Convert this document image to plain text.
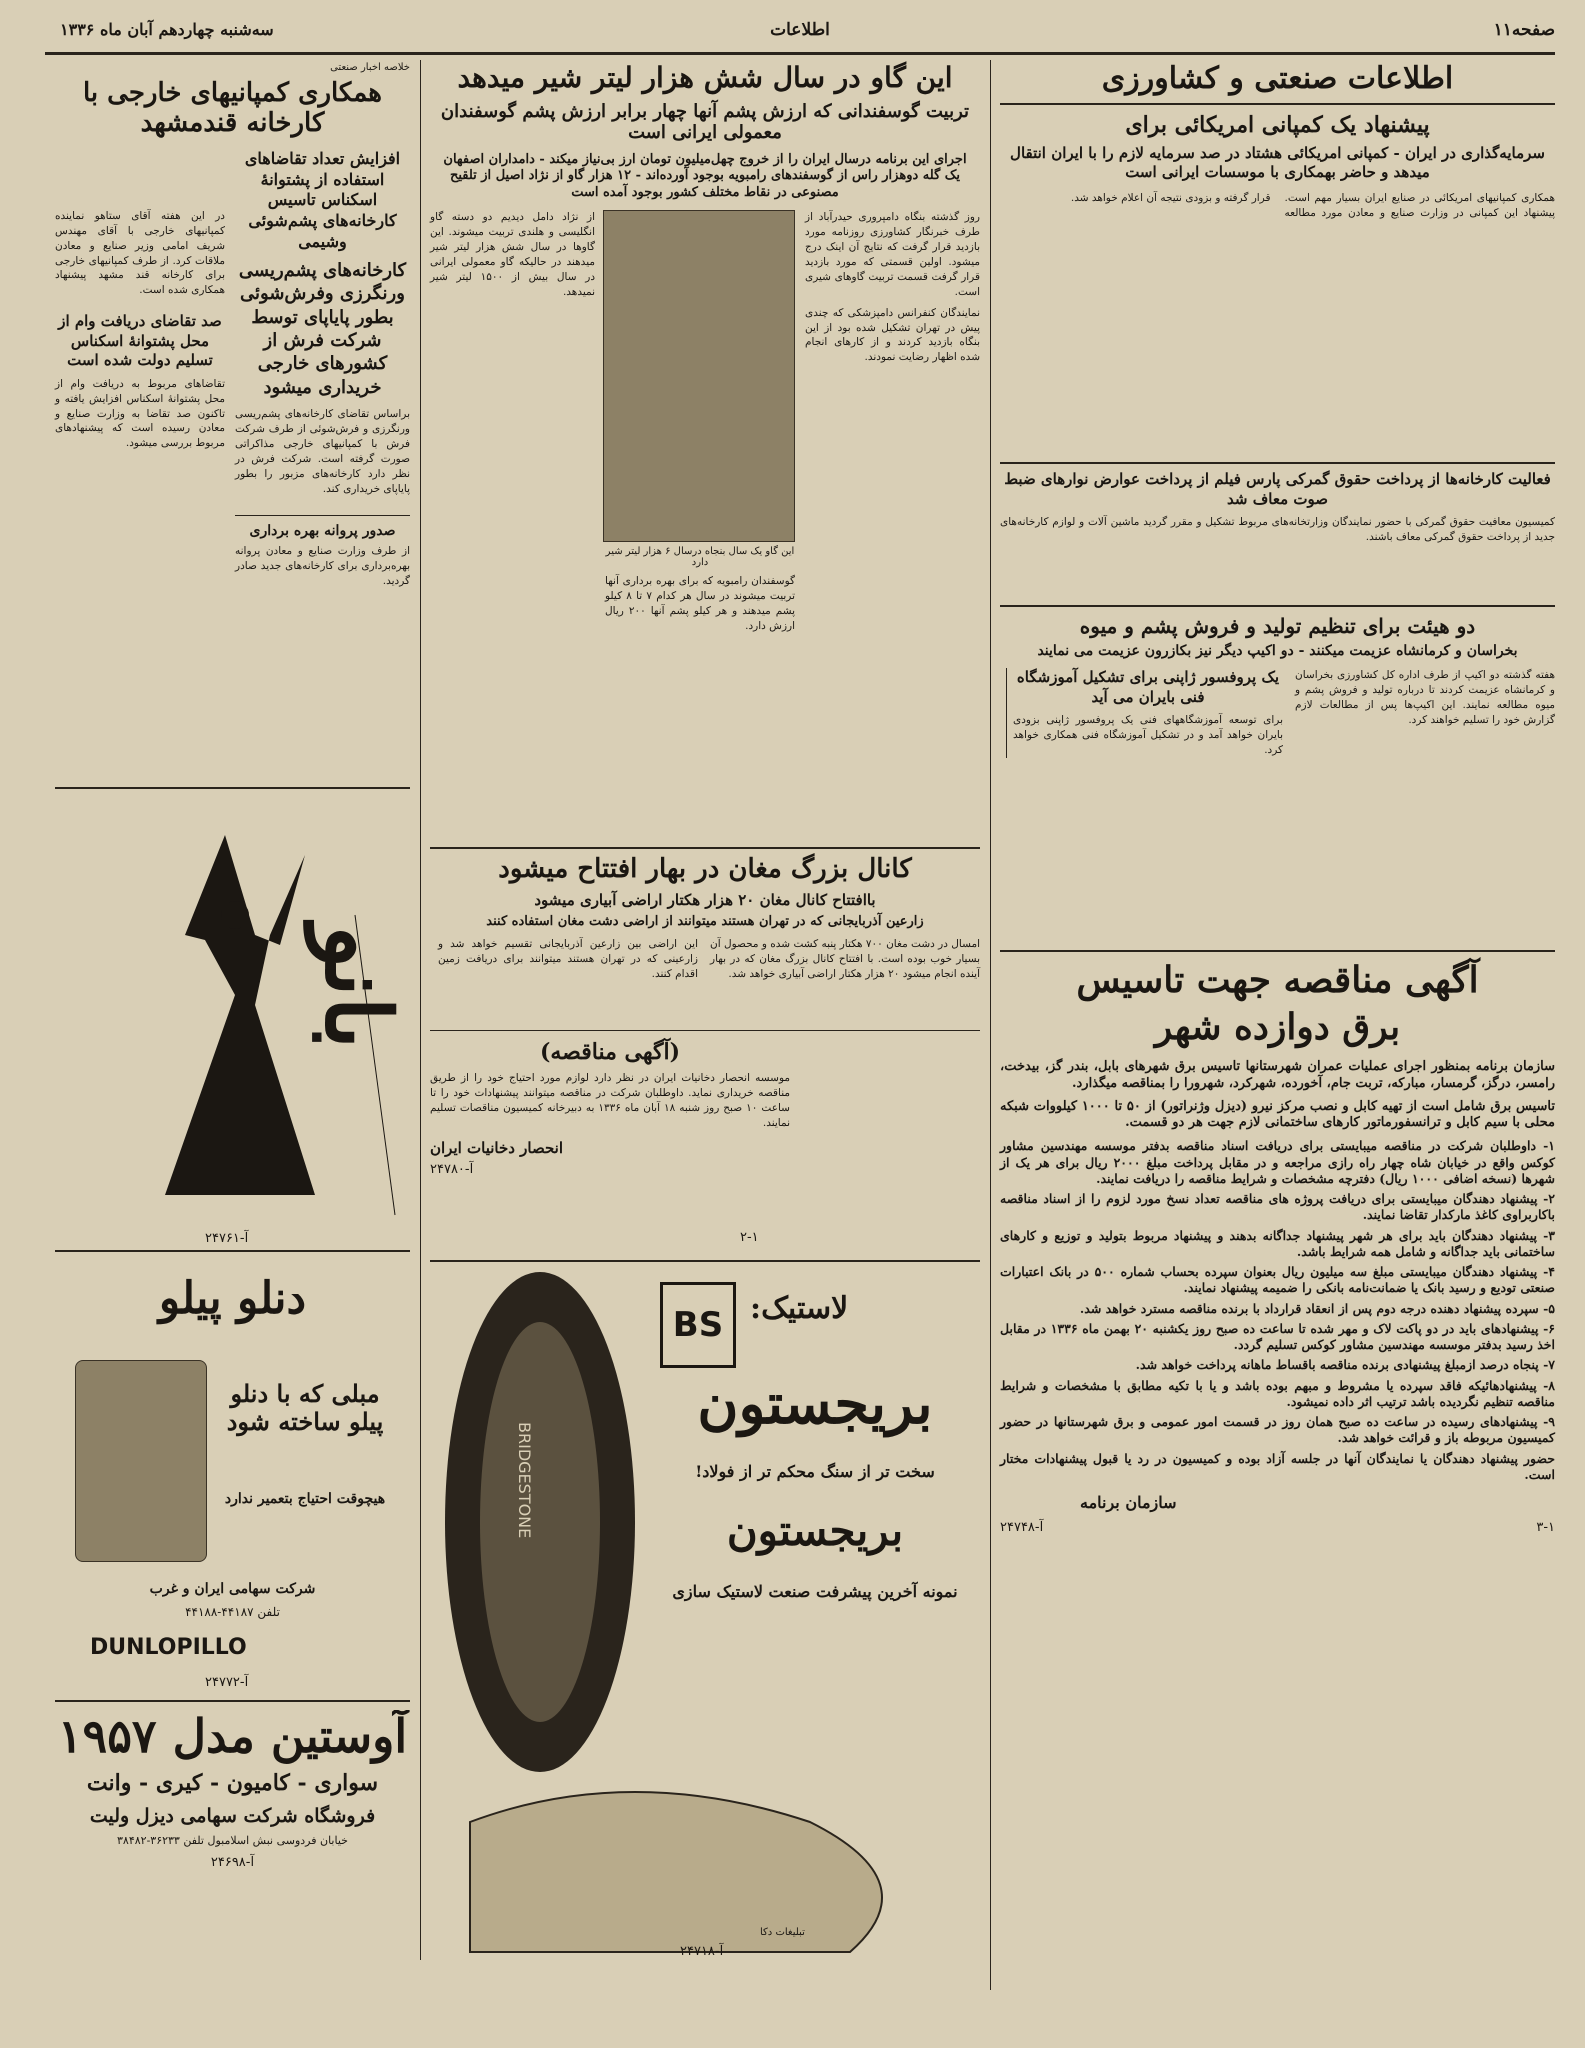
صفحه۱۱
اطلاعات
سه‌شنبه چهاردهم آبان ماه ۱۳۳۶
خلاصه اخبار صنعتی
همکاری کمپانیهای خارجی با کارخانه قندمشهد
افزایش تعداد تقاضاهای استفاده از پشتوانهٔ اسکناس تاسیس کارخانه‌های پشم‌شوئی وشیمی
کارخانه‌های پشم‌ریسی ورنگرزی وفرش‌شوئی بطور پایاپای توسط شرکت فرش از کشورهای خارجی خریداری میشود
براساس تقاضای کارخانه‌های پشم‌ریسی ورنگرزی و فرش‌شوئی از طرف شرکت فرش با کمپانیهای خارجی مذاکراتی صورت گرفته است. شرکت فرش در نظر دارد کارخانه‌های مزبور را بطور پایاپای خریداری کند.
صدور پروانه بهره برداری
از طرف وزارت صنایع و معادن پروانه بهره‌برداری برای کارخانه‌های جدید صادر گردید.
در این هفته آقای ستاهو نماینده کمپانیهای خارجی با آقای مهندس شریف امامی وزیر صنایع و معادن ملاقات کرد. از طرف کمپانیهای خارجی برای کارخانه قند مشهد پیشنهاد همکاری شده است.
صد تقاضای دریافت وام از محل پشتوانهٔ اسکناس تسلیم دولت شده است
تقاضاهای مربوط به دریافت وام از محل پشتوانهٔ اسکناس افزایش یافته و تاکنون صد تقاضا به وزارت صنایع و معادن رسیده است که پیشنهادهای مربوط بررسی میشود.
بانو
آ-۲۴۷۶۱
دنلو پیلو
مبلی که با دنلو پیلو ساخته شود
هیچوقت احتیاج بتعمیر ندارد
شرکت سهامی ایران و غرب
تلفن ۴۴۱۸۷-۴۴۱۸۸
DUNLOPILLO
آ-۲۴۷۷۲
آوستین مدل ۱۹۵۷
سواری - کامیون - کیری - وانت
فروشگاه شرکت سهامی دیزل ولیت
خیابان فردوسی نبش اسلامبول تلفن ۳۶۲۳۳-۳۸۴۸۲
آ-۲۴۶۹۸
این گاو در سال شش هزار لیتر شیر میدهد
تربیت گوسفندانی که ارزش پشم آنها چهار برابر ارزش پشم گوسفندان معمولی ایرانی است
اجرای این برنامه درسال ایران را از خروج چهل‌میلیون تومان ارز بی‌نیاز میکند - دامداران اصفهان یک گله دوهزار راس از گوسفندهای رامبویه بوجود آورده‌اند - ۱۲ هزار گاو از نژاد اصیل از تلقیح مصنوعی در نقاط مختلف کشور بوجود آمده است
روز گذشته بنگاه دامپروری حیدرآباد از طرف خبرنگار کشاورزی روزنامه مورد بازدید قرار گرفت که نتایج آن اینک درج میشود. اولین قسمتی که مورد بازدید قرار گرفت قسمت تربیت گاوهای شیری است.
نمایندگان کنفرانس دامپزشکی که چندی پیش در تهران تشکیل شده بود از این بنگاه بازدید کردند و از کارهای انجام شده اظهار رضایت نمودند.
این گاو یک سال بنجاه درسال ۶ هزار لیتر شیر دارد
گوسفندان رامبویه که برای بهره برداری آنها تربیت میشوند در سال هر کدام ۷ تا ۸ کیلو پشم میدهند و هر کیلو پشم آنها ۲۰۰ ریال ارزش دارد.
از نژاد دامل دیدیم دو دسته گاو انگلیسی و هلندی تربیت میشوند. این گاوها در سال شش هزار لیتر شیر میدهند در حالیکه گاو معمولی ایرانی در سال بیش از ۱۵۰۰ لیتر شیر نمیدهد.
کانال بزرگ مغان در بهار افتتاح میشود
باافتتاح کانال مغان ۲۰ هزار هکتار اراضی آبیاری میشود
زارعین آذربایجانی که در تهران هستند میتوانند از اراضی دشت مغان استفاده کنند
امسال در دشت مغان ۷۰۰ هکتار پنبه کشت شده و محصول آن بسیار خوب بوده است. با افتتاح کانال بزرگ مغان که در بهار آینده انجام میشود ۲۰ هزار هکتار اراضی آبیاری خواهد شد.
این اراضی بین زارعین آذربایجانی تقسیم خواهد شد و زارعینی که در تهران هستند میتوانند برای دریافت زمین اقدام کنند.
(آگهی مناقصه)
موسسه انحصار دخانیات ایران در نظر دارد لوازم مورد احتیاج خود را از طریق مناقصه خریداری نماید. داوطلبان شرکت در مناقصه میتوانند پیشنهادات خود را تا ساعت ۱۰ صبح روز شنبه ۱۸ آبان ماه ۱۳۳۶ به دبیرخانه کمیسیون مناقصات تسلیم نمایند.
انحصار دخانیات ایران
آ-۲۴۷۸۰
۲-۱
BRIDGESTONE
BS لاستیک:
بریجستون
سخت تر از سنگ محکم تر از فولاد!
بریجستون
نمونه آخرین پیشرفت صنعت لاستیک سازی
تبلیغات دکا
آ-۲۴۷۱۸
اطلاعات صنعتی و کشاورزی
پیشنهاد یک کمپانی امریکائی برای
سرمایه‌گذاری در ایران - کمپانی امریکائی هشتاد در صد سرمایه لازم را با ایران انتقال میدهد و حاضر بهمکاری با موسسات ایرانی است
همکاری کمپانیهای امریکائی در صنایع ایران بسیار مهم است. پیشنهاد این کمپانی در وزارت صنایع و معادن مورد مطالعه قرار گرفته و بزودی نتیجه آن اعلام خواهد شد.
فعالیت کارخانه‌ها از پرداخت حقوق گمرکی پارس فیلم از پرداخت عوارض نوارهای ضبط صوت معاف شد
کمیسیون معافیت حقوق گمرکی با حضور نمایندگان وزارتخانه‌های مربوط تشکیل و مقرر گردید ماشین آلات و لوازم کارخانه‌های جدید از پرداخت حقوق گمرکی معاف باشند.
دو هیئت برای تنظیم تولید و فروش پشم و میوه
بخراسان و کرمانشاه عزیمت میکنند - دو اکیپ دیگر نیز بکازرون عزیمت می نمایند
هفته گذشته دو اکیپ از طرف اداره کل کشاورزی بخراسان و کرمانشاه عزیمت کردند تا درباره تولید و فروش پشم و میوه مطالعه نمایند. این اکیپ‌ها پس از مطالعات لازم گزارش خود را تسلیم خواهند کرد.
یک پروفسور ژاپنی برای تشکیل آموزشگاه فنی بایران می آید
برای توسعه آموزشگاههای فنی یک پروفسور ژاپنی بزودی بایران خواهد آمد و در تشکیل آموزشگاه فنی همکاری خواهد کرد.
آگهی مناقصه جهت تاسیس
برق دوازده شهر
سازمان برنامه بمنظور اجرای عملیات عمران شهرستانها تاسیس برق شهرهای بابل، بندر گز، بیدخت، رامسر، درگز، گرمسار، مبارکه، تربت جام، آخورده، شهرکرد، شهرورا را بمناقصه میگذارد.
تاسیس برق شامل است از تهیه کابل و نصب مرکز نیرو (دیزل وژنراتور) از ۵۰ تا ۱۰۰۰ کیلووات شبکه محلی با سیم کابل و ترانسفورماتور کارهای ساختمانی لازم جهت هر دو قسمت.

۱- داوطلبان شرکت در مناقصه میبایستی برای دریافت اسناد مناقصه بدفتر موسسه مهندسین مشاور کوکس واقع در خیابان شاه چهار راه رازی مراجعه و در مقابل پرداخت مبلغ ۲۰۰۰ ریال برای هر یک از شهرها (نسخه اضافی ۱۰۰۰ ریال) دفترچه مشخصات و شرایط مناقصه را دریافت نمایند.

۲- پیشنهاد دهندگان میبایستی برای دریافت پروژه های مناقصه تعداد نسخ مورد لزوم را از اسناد مناقصه باکاربراوی کاغذ مارکدار تقاضا نمایند.

۳- پیشنهاد دهندگان باید برای هر شهر پیشنهاد جداگانه بدهند و پیشنهاد مربوط بتولید و توزیع و کارهای ساختمانی باید جداگانه و شامل همه شرایط باشد.

۴- پیشنهاد دهندگان میبایستی مبلغ سه میلیون ریال بعنوان سپرده بحساب شماره ۵۰۰ در بانک اعتبارات صنعتی تودیع و رسید بانک یا ضمانت‌نامه بانکی را ضمیمه پیشنهاد نمایند.

۵- سپرده پیشنهاد دهنده درجه دوم پس از انعقاد قرارداد با برنده مناقصه مسترد خواهد شد.

۶- پیشنهادهای باید در دو پاکت لاک و مهر شده تا ساعت ده صبح روز یکشنبه ۲۰ بهمن ماه ۱۳۳۶ در مقابل اخذ رسید بدفتر موسسه مهندسین مشاور کوکس تسلیم گردد.

۷- پنجاه درصد ازمبلغ پیشنهادی برنده مناقصه باقساط ماهانه پرداخت خواهد شد.

۸- پیشنهادهائیکه فاقد سپرده یا مشروط و مبهم بوده باشد و یا با تکیه مطابق با مشخصات و شرایط مناقصه تنظیم نگردیده باشد ترتیب اثر داده نمیشود.

۹- پیشنهادهای رسیده در ساعت ده صبح همان روز در قسمت امور عمومی و برق شهرستانها در حضور کمیسیون مربوطه باز و قرائت خواهد شد.

حضور پیشنهاد دهندگان یا نمایندگان آنها در جلسه آزاد بوده و کمیسیون در رد یا قبول پیشنهادات مختار است.

سازمان برنامه
۳-۱
آ-۲۴۷۴۸
